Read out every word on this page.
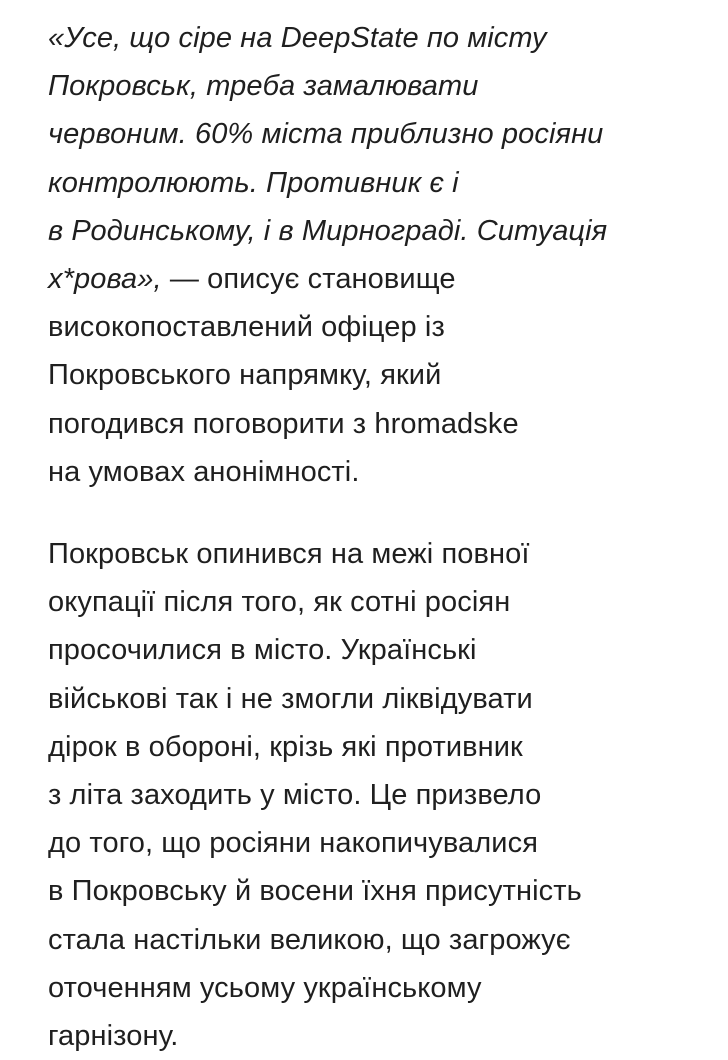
«Усе, що сіре на DeepState по місту
Покровськ, треба замалювати
червоним. 60% міста приблизно росіяни
контролюють. Противник є і
в Родинському, і в Мирнограді. Ситуація
х*рова», — описує становище
високопоставлений офіцер із
Покровського напрямку, який
погодився поговорити з hromadske
на умовах анонімності.

Покровськ опинився на межі повної
окупації після того, як сотні росіян
просочилися в місто. Українські
військові так і не змогли ліквідувати
дірок в обороні, крізь які противник
з літа заходить у місто. Це призвело
до того, що росіяни накопичувалися
в Покровську й восени їхня присутність
стала настільки великою, що загрожує
оточенням усьому українському
гарнізону.
